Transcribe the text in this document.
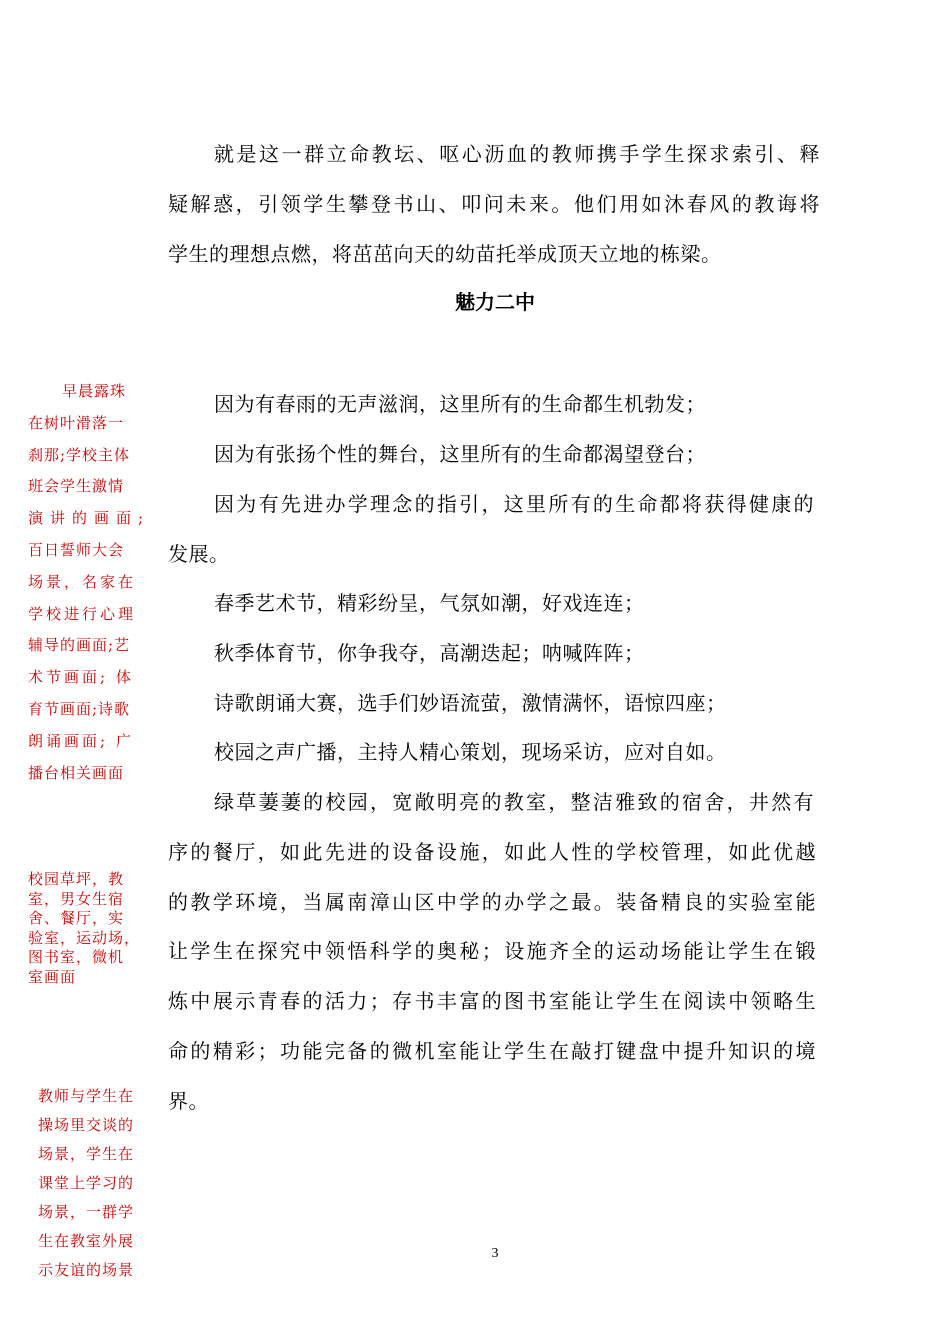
就是这一群立命教坛、呕心沥血的教师携手学生探求索引、释
疑解惑，引领学生攀登书山、叩问未来。他们用如沐春风的教诲将
学生的理想点燃，将茁茁向天的幼苗托举成顶天立地的栋梁。
魅力二中
因为有春雨的无声滋润，这里所有的生命都生机勃发；
因为有张扬个性的舞台，这里所有的生命都渴望登台；
因为有先进办学理念的指引，这里所有的生命都将获得健康的
发展。
春季艺术节，精彩纷呈，气氛如潮，好戏连连；
秋季体育节，你争我夺，高潮迭起；呐喊阵阵；
诗歌朗诵大赛，选手们妙语流萤，激情满怀，语惊四座；
校园之声广播，主持人精心策划，现场采访，应对自如。
绿草萋萋的校园，宽敞明亮的教室，整洁雅致的宿舍，井然有
序的餐厅，如此先进的设备设施，如此人性的学校管理，如此优越
的教学环境，当属南漳山区中学的办学之最。装备精良的实验室能
让学生在探究中领悟科学的奥秘；设施齐全的运动场能让学生在锻
炼中展示青春的活力；存书丰富的图书室能让学生在阅读中领略生
命的精彩；功能完备的微机室能让学生在敲打键盘中提升知识的境
界。
早晨露珠
在树叶滑落一
刹那;学校主体
班会学生激情
演讲的画面;
百日誓师大会
场景，名家在
学校进行心理
辅导的画面;艺
术节画面; 体
育节画面;诗歌
朗诵画面; 广
播台相关画面
校园草坪，教
室，男女生宿
舍、餐厅，实
验室，运动场，
图书室，微机
室画面
教师与学生在
操场里交谈的
场景，学生在
课堂上学习的
场景，一群学
生在教室外展
示友谊的场景
3
